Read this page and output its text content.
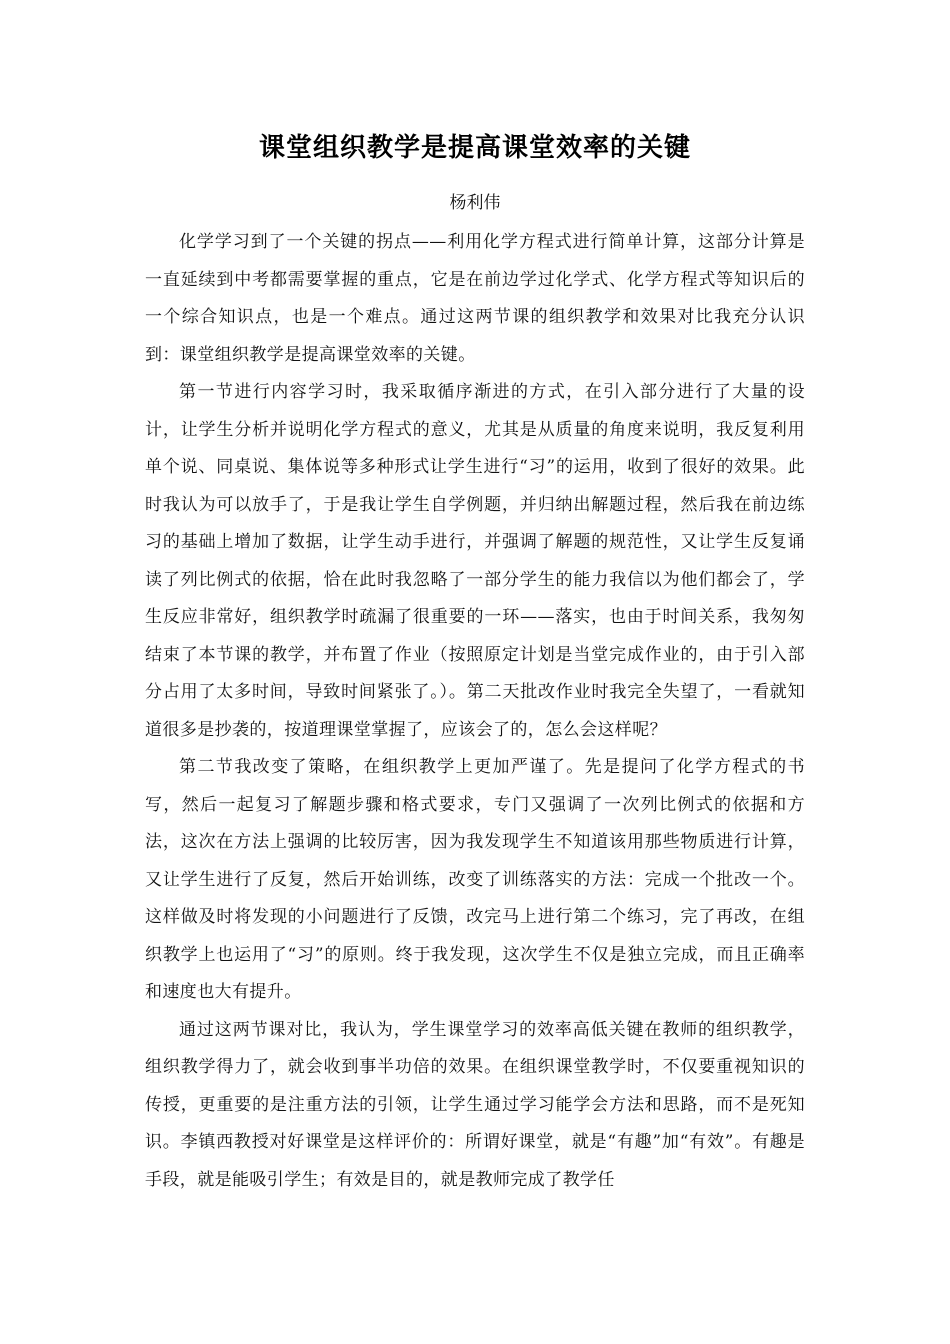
课堂组织教学是提高课堂效率的关键
杨利伟

化学学习到了一个关键的拐点——利用化学方程式进行简单计算，这部分计算是一直延续到中考都需要掌握的重点，它是在前边学过化学式、化学方程式等知识后的一个综合知识点，也是一个难点。通过这两节课的组织教学和效果对比我充分认识到：课堂组织教学是提高课堂效率的关键。

第一节进行内容学习时，我采取循序渐进的方式，在引入部分进行了大量的设计，让学生分析并说明化学方程式的意义，尤其是从质量的角度来说明，我反复利用单个说、同桌说、集体说等多种形式让学生进行“习”的运用，收到了很好的效果。此时我认为可以放手了，于是我让学生自学例题，并归纳出解题过程，然后我在前边练习的基础上增加了数据，让学生动手进行，并强调了解题的规范性，又让学生反复诵读了列比例式的依据，恰在此时我忽略了一部分学生的能力我信以为他们都会了，学生反应非常好，组织教学时疏漏了很重要的一环——落实，也由于时间关系，我匆匆结束了本节课的教学，并布置了作业（按照原定计划是当堂完成作业的，由于引入部分占用了太多时间，导致时间紧张了。）。第二天批改作业时我完全失望了，一看就知道很多是抄袭的，按道理课堂掌握了，应该会了的，怎么会这样呢？

第二节我改变了策略，在组织教学上更加严谨了。先是提问了化学方程式的书写，然后一起复习了解题步骤和格式要求，专门又强调了一次列比例式的依据和方法，这次在方法上强调的比较厉害，因为我发现学生不知道该用那些物质进行计算，又让学生进行了反复，然后开始训练，改变了训练落实的方法：完成一个批改一个。这样做及时将发现的小问题进行了反馈，改完马上进行第二个练习，完了再改，在组织教学上也运用了“习”的原则。终于我发现，这次学生不仅是独立完成，而且正确率和速度也大有提升。

通过这两节课对比，我认为，学生课堂学习的效率高低关键在教师的组织教学，组织教学得力了，就会收到事半功倍的效果。在组织课堂教学时，不仅要重视知识的传授，更重要的是注重方法的引领，让学生通过学习能学会方法和思路，而不是死知识。李镇西教授对好课堂是这样评价的：所谓好课堂，就是“有趣”加“有效”。有趣是手段，就是能吸引学生；有效是目的，就是教师完成了教学任
